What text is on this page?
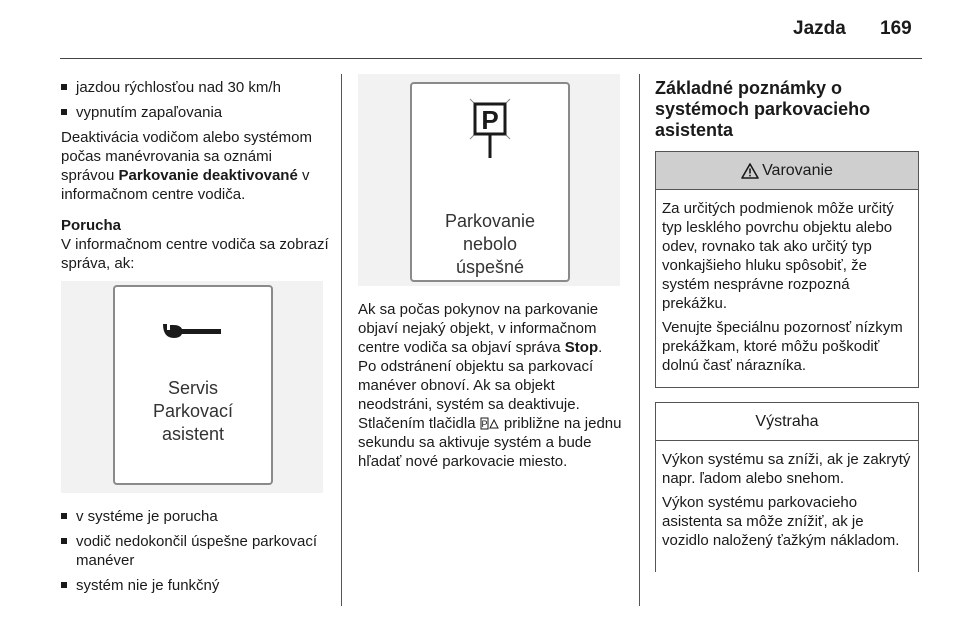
Jazda 169
jazdou rýchlosťou nad 30 km/h
vypnutím zapaľovania

Deaktivácia vodičom alebo systémom počas manévrovania sa oznámi správou Parkovanie deaktivované v informačnom centre vodiča.

Porucha

V informačnom centre vodiča sa zobrazí správa, ak:

Servis
Parkovací
asistent
v systéme je porucha
vodič nedokončil úspešne parkovací manéver
systém nie je funkčný
P
Parkovanie
nebolo
úspešné

Ak sa počas pokynov na parkovanie objaví nejaký objekt, v informačnom centre vodiča sa objaví správa Stop. Po odstránení objektu sa parkovací manéver obnoví. Ak sa objekt neodstráni, systém sa deaktivuje. Stlačením tlačidla P približne na jednu sekundu sa aktivuje systém a bude hľadať nové parkovacie miesto.

Základné poznámky o systémoch parkovacieho asistenta
Varovanie

Za určitých podmienok môže určitý typ lesklého povrchu objektu alebo odev, rovnako tak ako určitý typ vonkajšieho hluku spôsobiť, že systém nesprávne rozpozná prekážku.

Venujte špeciálnu pozornosť nízkym prekážkam, ktoré môžu poškodiť dolnú časť nárazníka.

Výstraha

Výkon systému sa zníži, ak je zakrytý napr. ľadom alebo snehom.

Výkon systému parkovacieho asistenta sa môže znížiť, ak je vozidlo naložený ťažkým nákladom.
